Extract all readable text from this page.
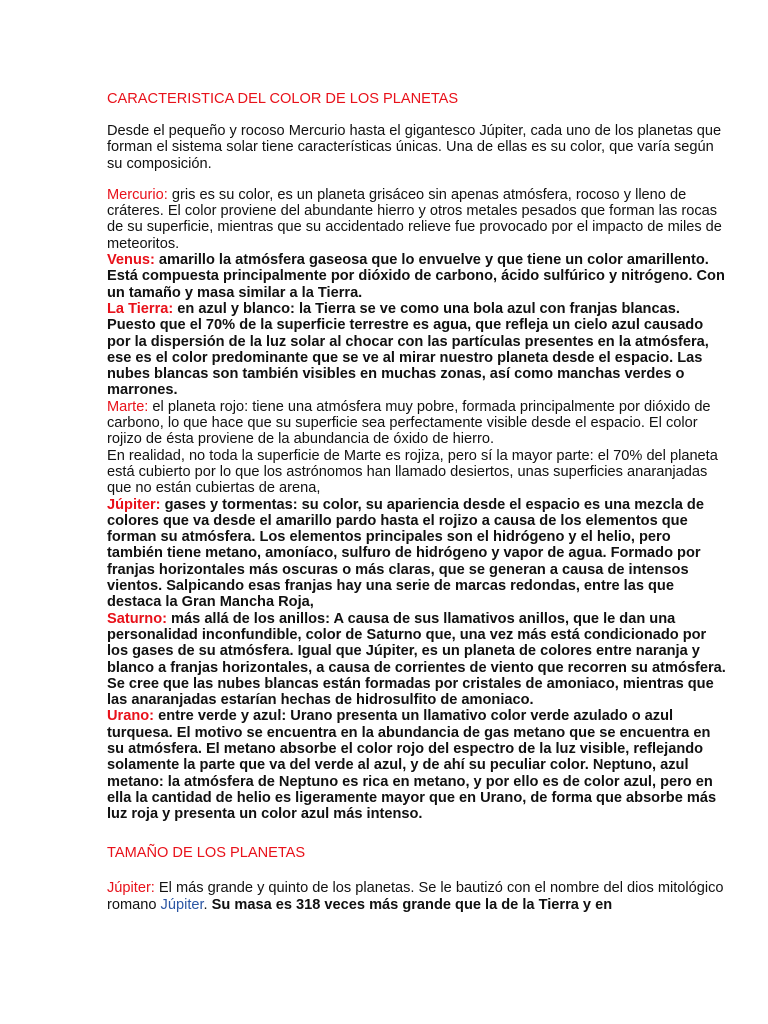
CARACTERISTICA DEL COLOR DE LOS PLANETAS

Desde el pequeño y rocoso Mercurio hasta el gigantesco Júpiter, cada uno de los planetas que forman el sistema solar tiene características únicas. Una de ellas es su color, que varía según su composición.

Mercurio: gris es su color, es un planeta grisáceo sin apenas atmósfera, rocoso y lleno de cráteres. El color proviene del abundante hierro y otros metales pesados que forman las rocas de su superficie, mientras que su accidentado relieve fue provocado por el impacto de miles de meteoritos.

Venus: amarillo la atmósfera gaseosa que lo envuelve y que tiene un color amarillento. Está compuesta principalmente por dióxido de carbono, ácido sulfúrico y nitrógeno. Con un tamaño y masa similar a la Tierra.

La Tierra: en azul y blanco: la Tierra se ve como una bola azul con franjas blancas. Puesto que el 70% de la superficie terrestre es agua, que refleja un cielo azul causado por la dispersión de la luz solar al chocar con las partículas presentes en la atmósfera, ese es el color predominante que se ve al mirar nuestro planeta desde el espacio. Las nubes blancas son también visibles en muchas zonas, así como manchas verdes o marrones.

Marte: el planeta rojo: tiene una atmósfera muy pobre, formada principalmente por dióxido de carbono, lo que hace que su superficie sea perfectamente visible desde el espacio. El color rojizo de ésta proviene de la abundancia de óxido de hierro.

En realidad, no toda la superficie de Marte es rojiza, pero sí la mayor parte: el 70% del planeta está cubierto por lo que los astrónomos han llamado desiertos, unas superficies anaranjadas que no están cubiertas de arena,

Júpiter: gases y tormentas: su color, su apariencia desde el espacio es una mezcla de colores que va desde el amarillo pardo hasta el rojizo a causa de los elementos que forman su atmósfera. Los elementos principales son el hidrógeno y el helio, pero también tiene metano, amoníaco, sulfuro de hidrógeno y vapor de agua. Formado por franjas horizontales más oscuras o más claras, que se generan a causa de intensos vientos. Salpicando esas franjas hay una serie de marcas redondas, entre las que destaca la Gran Mancha Roja,

Saturno: más allá de los anillos: A causa de sus llamativos anillos, que le dan una personalidad inconfundible, color de Saturno que, una vez más está condicionado por los gases de su atmósfera. Igual que Júpiter, es un planeta de colores entre naranja y blanco a franjas horizontales, a causa de corrientes de viento que recorren su atmósfera. Se cree que las nubes blancas están formadas por cristales de amoniaco, mientras que las anaranjadas estarían hechas de hidrosulfito de amoniaco.

Urano: entre verde y azul: Urano presenta un llamativo color verde azulado o azul turquesa. El motivo se encuentra en la abundancia de gas metano que se encuentra en su atmósfera. El metano absorbe el color rojo del espectro de la luz visible, reflejando solamente la parte que va del verde al azul, y de ahí su peculiar color. Neptuno, azul metano: la atmósfera de Neptuno es rica en metano, y por ello es de color azul, pero en ella la cantidad de helio es ligeramente mayor que en Urano, de forma que absorbe más luz roja y presenta un color azul más intenso.

TAMAÑO DE LOS PLANETAS

Júpiter: El más grande y quinto de los planetas. Se le bautizó con el nombre del dios mitológico romano Júpiter. Su masa es 318 veces más grande que la de la Tierra y en
